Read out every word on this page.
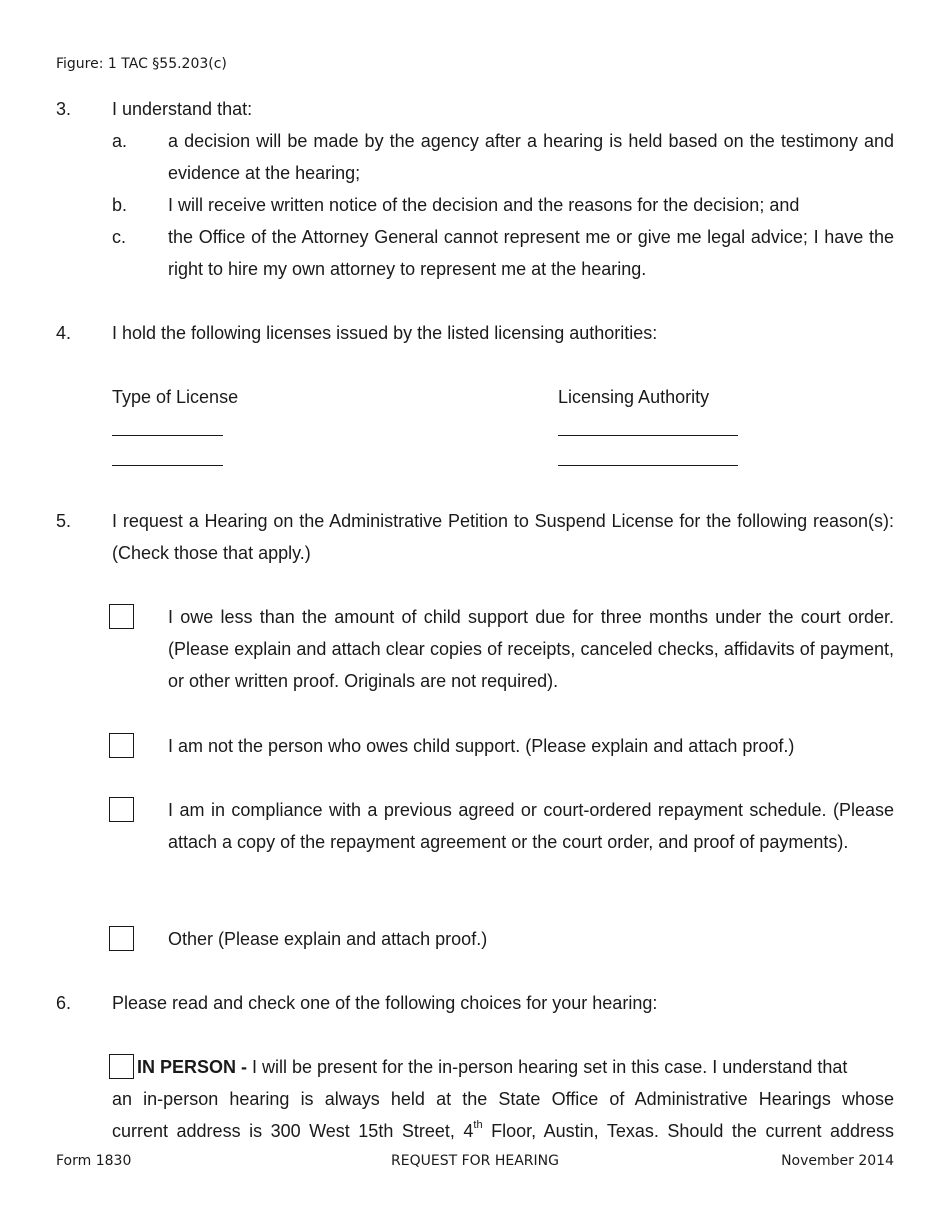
Figure: 1 TAC §55.203(c)
3. I understand that:
a. a decision will be made by the agency after a hearing is held based on the testimony and evidence at the hearing;
b. I will receive written notice of the decision and the reasons for the decision; and
c. the Office of the Attorney General cannot represent me or give me legal advice; I have the right to hire my own attorney to represent me at the hearing.
4. I hold the following licenses issued by the listed licensing authorities:
Type of License	Licensing Authority
5. I request a Hearing on the Administrative Petition to Suspend License for the following reason(s): (Check those that apply.)
I owe less than the amount of child support due for three months under the court order. (Please explain and attach clear copies of receipts, canceled checks, affidavits of payment, or other written proof. Originals are not required).
I am not the person who owes child support. (Please explain and attach proof.)
I am in compliance with a previous agreed or court-ordered repayment schedule. (Please attach a copy of the repayment agreement or the court order, and proof of payments).
Other (Please explain and attach proof.)
6. Please read and check one of the following choices for your hearing:
IN PERSON - I will be present for the in-person hearing set in this case. I understand that
an in-person hearing is always held at the State Office of Administrative Hearings whose
current address is 300 West 15th Street, 4th Floor, Austin, Texas. Should the current address
Form 1830	REQUEST FOR HEARING	November 2014
